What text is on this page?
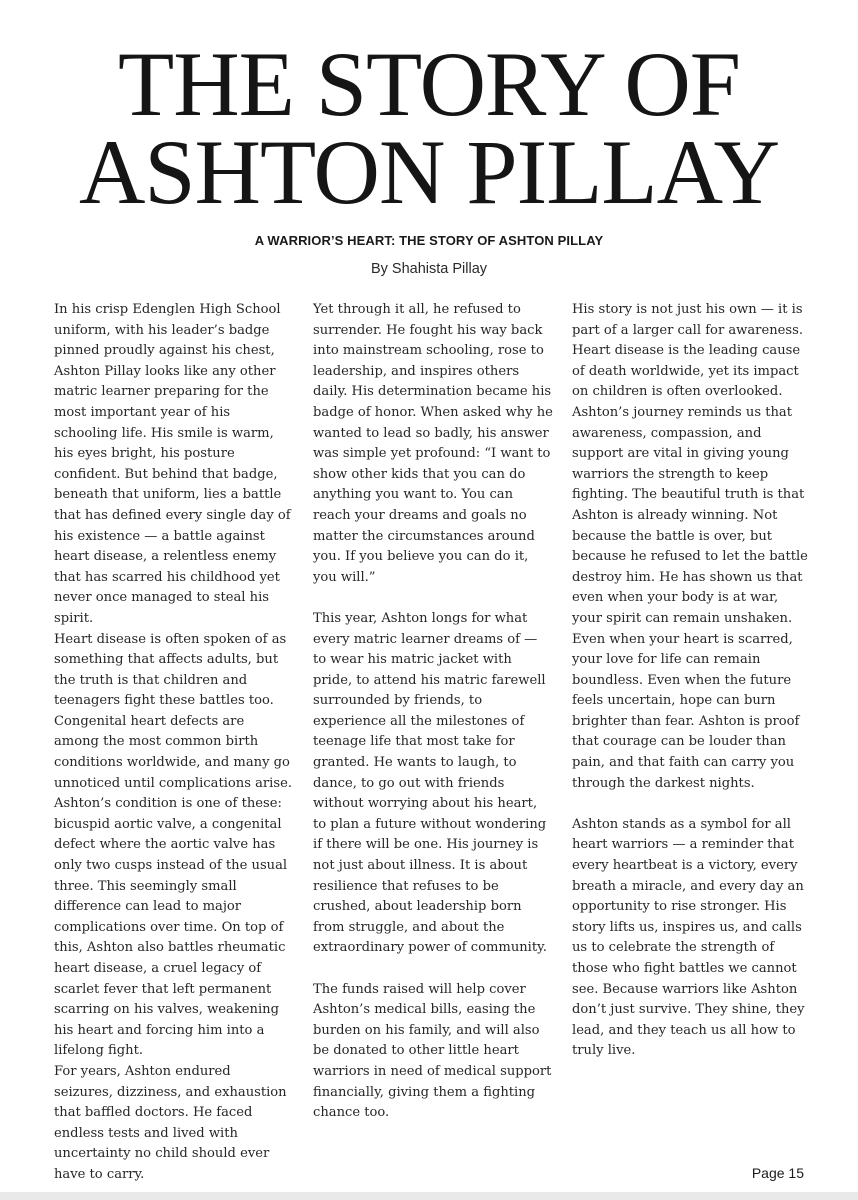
THE STORY OF
ASHTON PILLAY
A WARRIOR’S HEART: THE STORY OF ASHTON PILLAY
By Shahista Pillay

In his crisp Edenglen High School uniform, with his leader’s badge pinned proudly against his chest, Ashton Pillay looks like any other matric learner preparing for the most important year of his schooling life. His smile is warm, his eyes bright, his posture confident. But behind that badge, beneath that uniform, lies a battle that has defined every single day of his existence — a battle against heart disease, a relentless enemy that has scarred his childhood yet never once managed to steal his spirit.

Heart disease is often spoken of as something that affects adults, but the truth is that children and teenagers fight these battles too. Congenital heart defects are among the most common birth conditions worldwide, and many go unnoticed until complications arise. Ashton’s condition is one of these: bicuspid aortic valve, a congenital defect where the aortic valve has only two cusps instead of the usual three. This seemingly small difference can lead to major complications over time. On top of this, Ashton also battles rheumatic heart disease, a cruel legacy of scarlet fever that left permanent scarring on his valves, weakening his heart and forcing him into a lifelong fight.

For years, Ashton endured seizures, dizziness, and exhaustion that baffled doctors. He faced endless tests and lived with uncertainty no child should ever have to carry.

Yet through it all, he refused to surrender. He fought his way back into mainstream schooling, rose to leadership, and inspires others daily. His determination became his badge of honor. When asked why he wanted to lead so badly, his answer was simple yet profound: “I want to show other kids that you can do anything you want to. You can reach your dreams and goals no matter the circumstances around you. If you believe you can do it, you will.”

This year, Ashton longs for what every matric learner dreams of — to wear his matric jacket with pride, to attend his matric farewell surrounded by friends, to experience all the milestones of teenage life that most take for granted. He wants to laugh, to dance, to go out with friends without worrying about his heart, to plan a future without wondering if there will be one. His journey is not just about illness. It is about resilience that refuses to be crushed, about leadership born from struggle, and about the extraordinary power of community.

The funds raised will help cover Ashton’s medical bills, easing the burden on his family, and will also be donated to other little heart warriors in need of medical support financially, giving them a fighting chance too.

His story is not just his own — it is part of a larger call for awareness. Heart disease is the leading cause of death worldwide, yet its impact on children is often overlooked. Ashton’s journey reminds us that awareness, compassion, and support are vital in giving young warriors the strength to keep fighting. The beautiful truth is that Ashton is already winning. Not because the battle is over, but because he refused to let the battle destroy him. He has shown us that even when your body is at war, your spirit can remain unshaken. Even when your heart is scarred, your love for life can remain boundless. Even when the future feels uncertain, hope can burn brighter than fear. Ashton is proof that courage can be louder than pain, and that faith can carry you through the darkest nights.

Ashton stands as a symbol for all heart warriors — a reminder that every heartbeat is a victory, every breath a miracle, and every day an opportunity to rise stronger. His story lifts us, inspires us, and calls us to celebrate the strength of those who fight battles we cannot see. Because warriors like Ashton don’t just survive. They shine, they lead, and they teach us all how to truly live.

Page 15
